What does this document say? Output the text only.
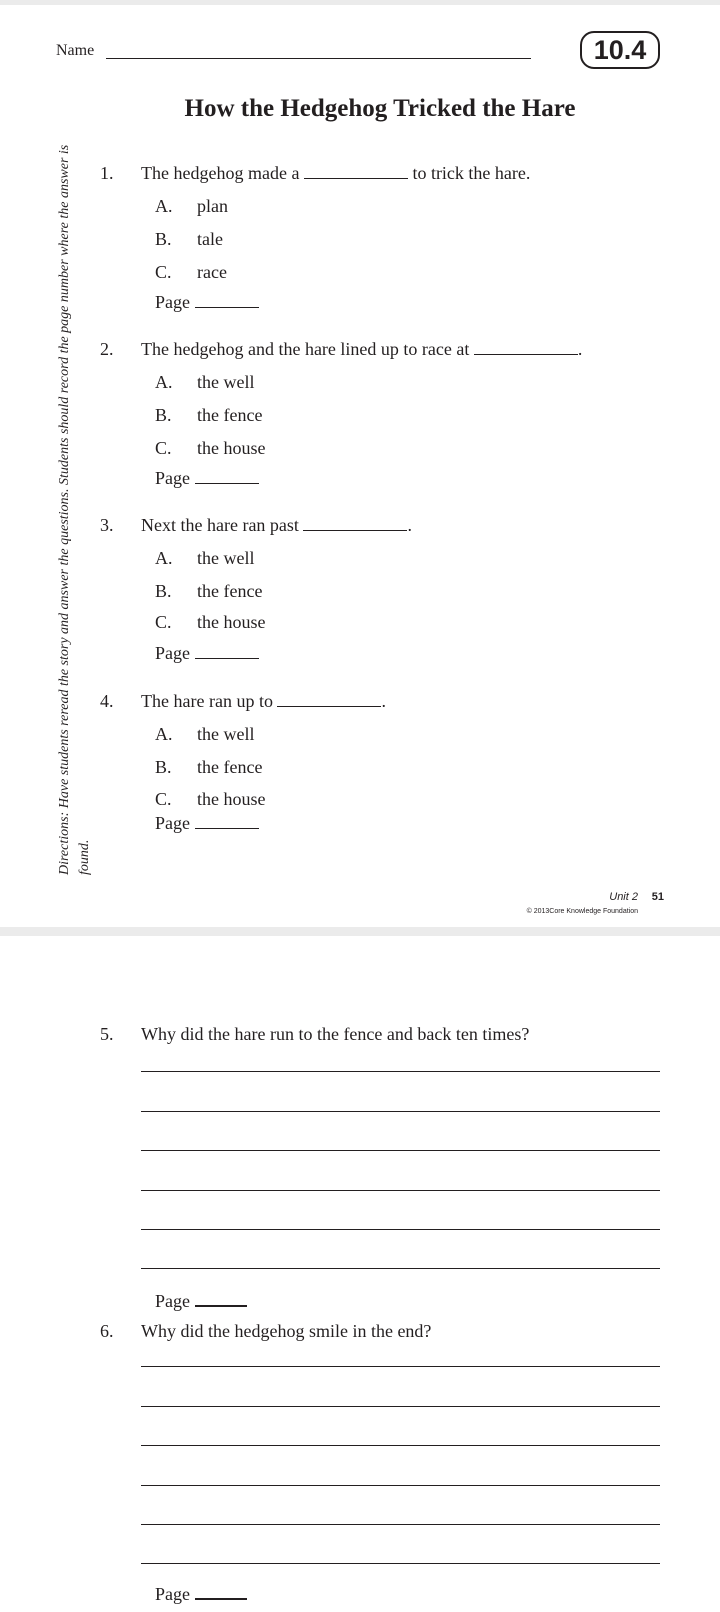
Name	10.4
How the Hedgehog Tricked the Hare
Directions: Have students reread the story and answer the questions. Students should record the page number where the answer is found.
1. The hedgehog made a	to trick the hare.
A. plan
B. tale
C. race
Page
2. The hedgehog and the hare lined up to race at	.
A. the well
B. the fence
C. the house
Page
3. Next the hare ran past	.
A. the well
B. the fence
C. the house
Page
4. The hare ran up to	.
A. the well
B. the fence
C. the house
Page
Unit 2 51
© 2013Core Knowledge Foundation
5. Why did the hare run to the fence and back ten times?
Page
6. Why did the hedgehog smile in the end?
Page
